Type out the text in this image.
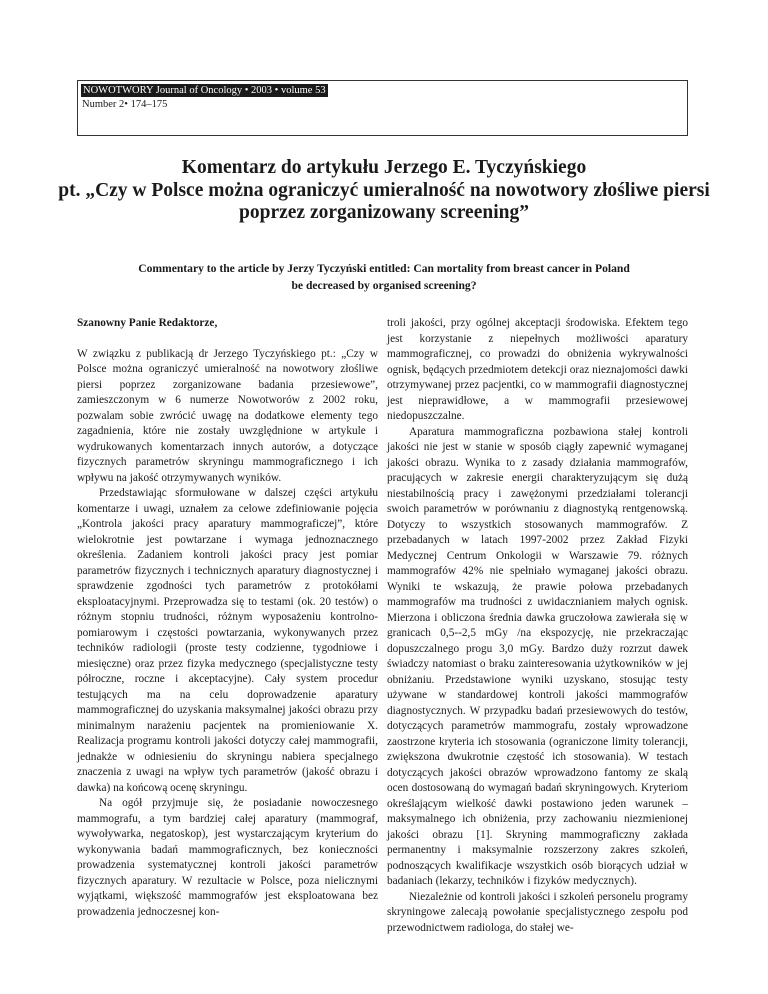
NOWOTWORY Journal of Oncology • 2003 • volume 53
Number 2• 174–175
Komentarz do artykułu Jerzego E. Tyczyńskiego
pt. „Czy w Polsce można ograniczyć umieralność na nowotwory złośliwe piersi
poprzez zorganizowany screening”
Commentary to the article by Jerzy Tyczyński entitled: Can mortality from breast cancer in Poland
be decreased by organised screening?

Szanowny Panie Redaktorze,

W związku z publikacją dr Jerzego Tyczyńskiego pt.: „Czy w Polsce można ograniczyć umieralność na nowotwory złośliwe piersi poprzez zorganizowane badania przesiewowe”, zamieszczonym w 6 numerze Nowotworów z 2002 roku, pozwalam sobie zwrócić uwagę na dodatkowe elementy tego zagadnienia, które nie zostały uwzględnione w artykule i wydrukowanych komentarzach innych autorów, a dotyczące fizycznych parametrów skryningu mammograficznego i ich wpływu na jakość otrzymywanych wyników.

Przedstawiając sformułowane w dalszej części artykułu komentarze i uwagi, uznałem za celowe zdefiniowanie pojęcia „Kontrola jakości pracy aparatury mammograficzej”, które wielokrotnie jest powtarzane i wymaga jednoznacznego określenia. Zadaniem kontroli jakości pracy jest pomiar parametrów fizycznych i technicznych aparatury diagnostycznej i sprawdzenie zgodności tych parametrów z protokółami eksploatacyjnymi. Przeprowadza się to testami (ok. 20 testów) o różnym stopniu trudności, różnym wyposażeniu kontrolno-pomiarowym i częstości powtarzania, wykonywanych przez techników radiologii (proste testy codzienne, tygodniowe i miesięczne) oraz przez fizyka medycznego (specjalistyczne testy półroczne, roczne i akceptacyjne). Cały system procedur testujących ma na celu doprowadzenie aparatury mammograficznej do uzyskania maksymalnej jakości obrazu przy minimalnym narażeniu pacjentek na promieniowanie X. Realizacja programu kontroli jakości dotyczy całej mammografii, jednakże w odniesieniu do skryningu nabiera specjalnego znaczenia z uwagi na wpływ tych parametrów (jakość obrazu i dawka) na końcową ocenę skryningu.

Na ogół przyjmuje się, że posiadanie nowoczesnego mammografu, a tym bardziej całej aparatury (mammograf, wywoływarka, negatoskop), jest wystarczającym kryterium do wykonywania badań mammograficznych, bez konieczności prowadzenia systematycznej kontroli jakości parametrów fizycznych aparatury. W rezultacie w Polsce, poza nielicznymi wyjątkami, większość mammografów jest eksploatowana bez prowadzenia jednoczesnej kon-

troli jakości, przy ogólnej akceptacji środowiska. Efektem tego jest korzystanie z niepełnych możliwości aparatury mammograficznej, co prowadzi do obniżenia wykrywalności ognisk, będących przedmiotem detekcji oraz nieznajomości dawki otrzymywanej przez pacjentki, co w mammografii diagnostycznej jest nieprawidłowe, a w mammografii przesiewowej niedopuszczalne.

Aparatura mammograficzna pozbawiona stałej kontroli jakości nie jest w stanie w sposób ciągły zapewnić wymaganej jakości obrazu. Wynika to z zasady działania mammografów, pracujących w zakresie energii charakteryzującym się dużą niestabilnością pracy i zawężonymi przedziałami tolerancji swoich parametrów w porównaniu z diagnostyką rentgenowską. Dotyczy to wszystkich stosowanych mammografów. Z przebadanych w latach 1997-2002 przez Zakład Fizyki Medycznej Centrum Onkologii w Warszawie 79. różnych mammografów 42% nie spełniało wymaganej jakości obrazu. Wyniki te wskazują, że prawie połowa przebadanych mammografów ma trudności z uwidacznianiem małych ognisk. Mierzona i obliczona średnia dawka gruczołowa zawierała się w granicach 0,5--2,5 mGy /na ekspozycję, nie przekraczając dopuszczalnego progu 3,0 mGy. Bardzo duży rozrzut dawek świadczy natomiast o braku zainteresowania użytkowników w jej obniżaniu. Przedstawione wyniki uzyskano, stosując testy używane w standardowej kontroli jakości mammografów diagnostycznych. W przypadku badań przesiewowych do testów, dotyczących parametrów mammografu, zostały wprowadzone zaostrzone kryteria ich stosowania (ograniczone limity tolerancji, zwiększona dwukrotnie częstość ich stosowania). W testach dotyczących jakości obrazów wprowadzono fantomy ze skalą ocen dostosowaną do wymagań badań skryningowych. Kryteriom określającym wielkość dawki postawiono jeden warunek – maksymalnego ich obniżenia, przy zachowaniu niezmienionej jakości obrazu [1]. Skryning mammograficzny zakłada permanentny i maksymalnie rozszerzony zakres szkoleń, podnoszących kwalifikacje wszystkich osób biorących udział w badaniach (lekarzy, techników i fizyków medycznych).

Niezależnie od kontroli jakości i szkoleń personelu programy skryningowe zalecają powołanie specjalistycznego zespołu pod przewodnictwem radiologa, do stałej we-
